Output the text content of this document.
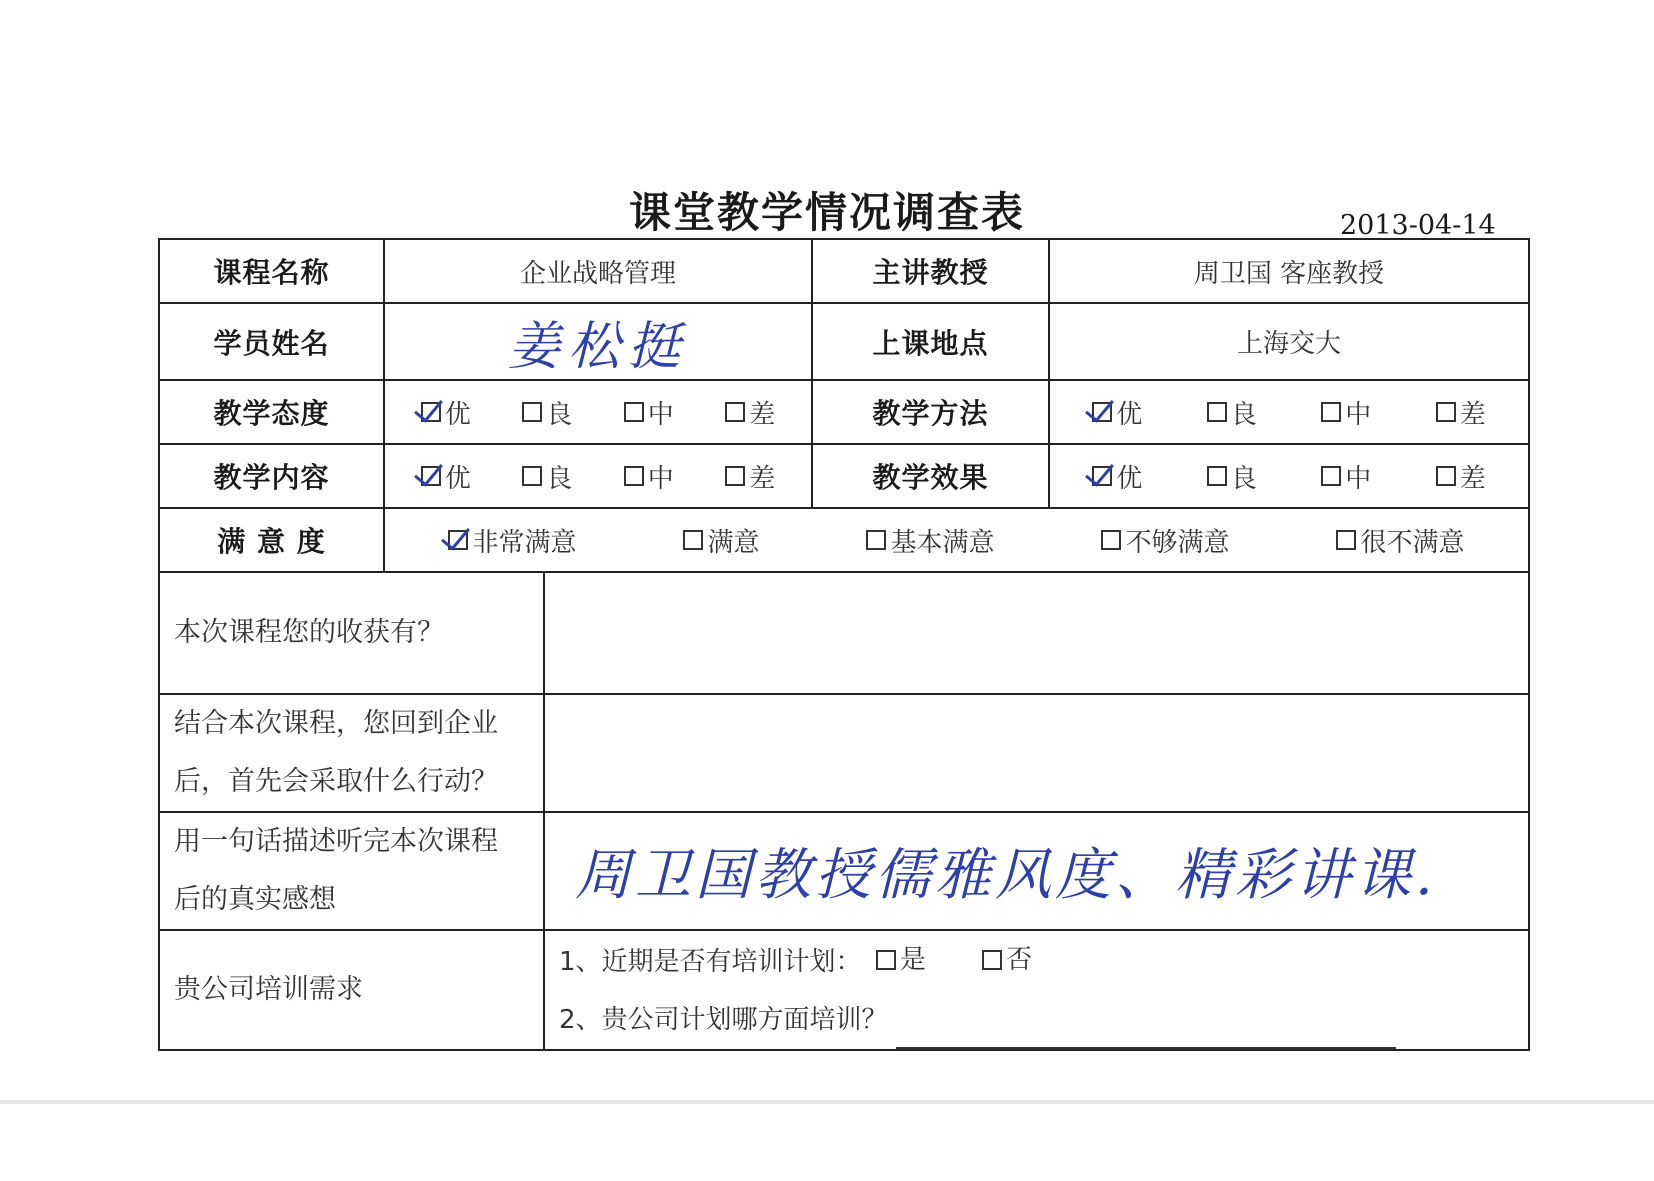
课堂教学情况调查表	2013-04-14
课程名称	企业战略管理		主讲教授	周卫国 客座教授
学员姓名	姜松挺		上课地点	上海交大
教学态度	优 良 中 差		教学方法	优 良 中 差

教学内容	优 良 中 差		教学效果	优 良 中 差

满 意 度	非常满意 满意 基本满意 不够满意 很不满意			

本次课程您的收获有？				

结合本次课程，您回到企业
后，首先会采取什么行动？				

用一句话描述听完本次课程
后的真实感想		周卫国教授儒雅风度、精彩讲课.		
贵公司培训需求		1、近期是否有培训计划： 是
否
2、贵公司计划哪方面培训？		
